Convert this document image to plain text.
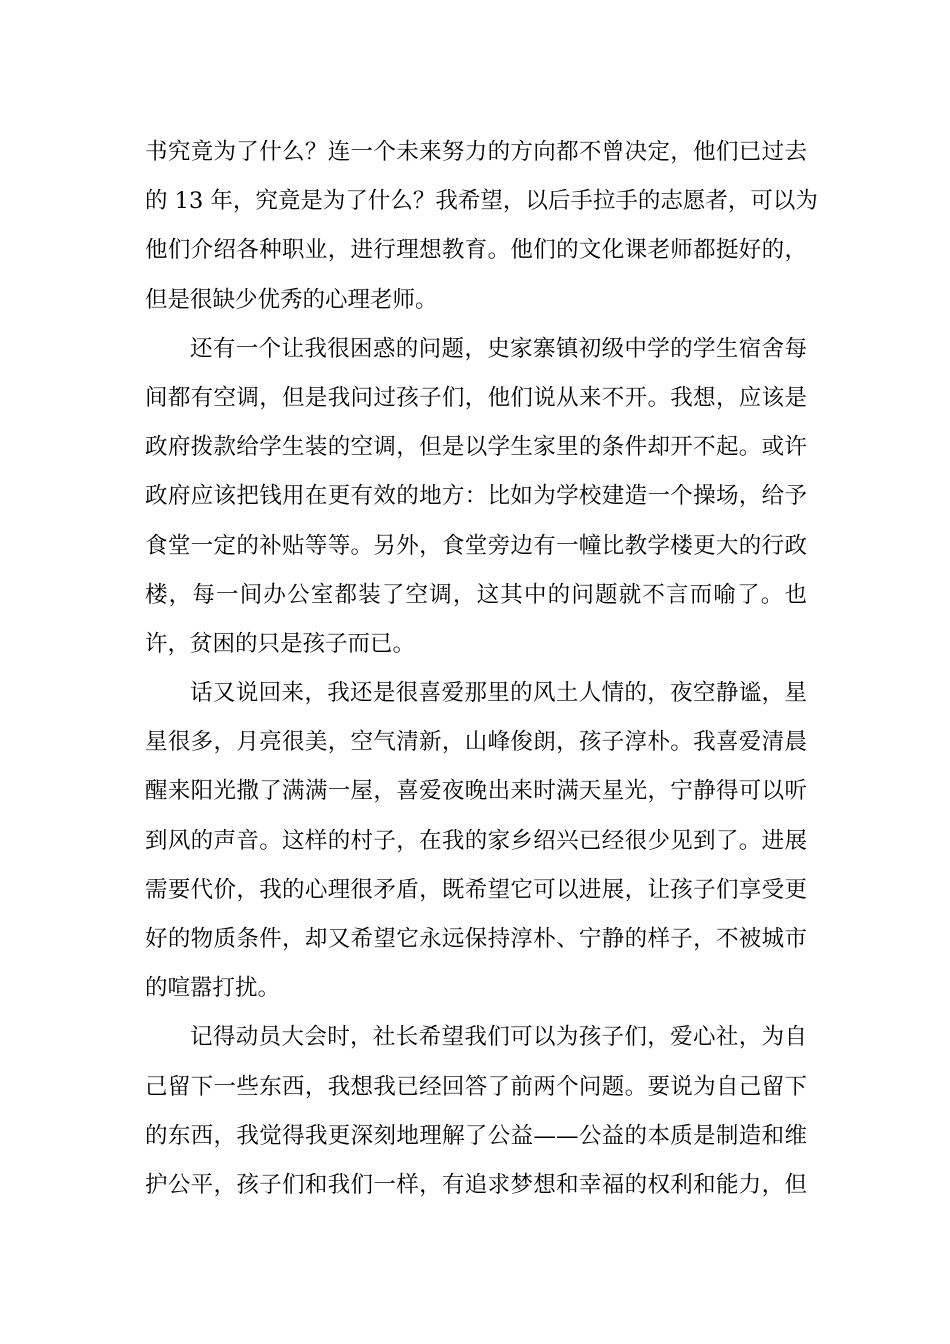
书究竟为了什么？连一个未来努力的方向都不曾决定，他们已过去
的 13 年，究竟是为了什么？我希望，以后手拉手的志愿者，可以为
他们介绍各种职业，进行理想教育。他们的文化课老师都挺好的，
但是很缺少优秀的心理老师。
还有一个让我很困惑的问题，史家寨镇初级中学的学生宿舍每
间都有空调，但是我问过孩子们，他们说从来不开。我想，应该是
政府拨款给学生装的空调，但是以学生家里的条件却开不起。或许
政府应该把钱用在更有效的地方：比如为学校建造一个操场，给予
食堂一定的补贴等等。另外，食堂旁边有一幢比教学楼更大的行政
楼，每一间办公室都装了空调，这其中的问题就不言而喻了。也
许，贫困的只是孩子而已。
话又说回来，我还是很喜爱那里的风土人情的，夜空静谧，星
星很多，月亮很美，空气清新，山峰俊朗，孩子淳朴。我喜爱清晨
醒来阳光撒了满满一屋，喜爱夜晚出来时满天星光，宁静得可以听
到风的声音。这样的村子，在我的家乡绍兴已经很少见到了。进展
需要代价，我的心理很矛盾，既希望它可以进展，让孩子们享受更
好的物质条件，却又希望它永远保持淳朴、宁静的样子，不被城市
的喧嚣打扰。
记得动员大会时，社长希望我们可以为孩子们，爱心社，为自
己留下一些东西，我想我已经回答了前两个问题。要说为自己留下
的东西，我觉得我更深刻地理解了公益——公益的本质是制造和维
护公平，孩子们和我们一样，有追求梦想和幸福的权利和能力，但
